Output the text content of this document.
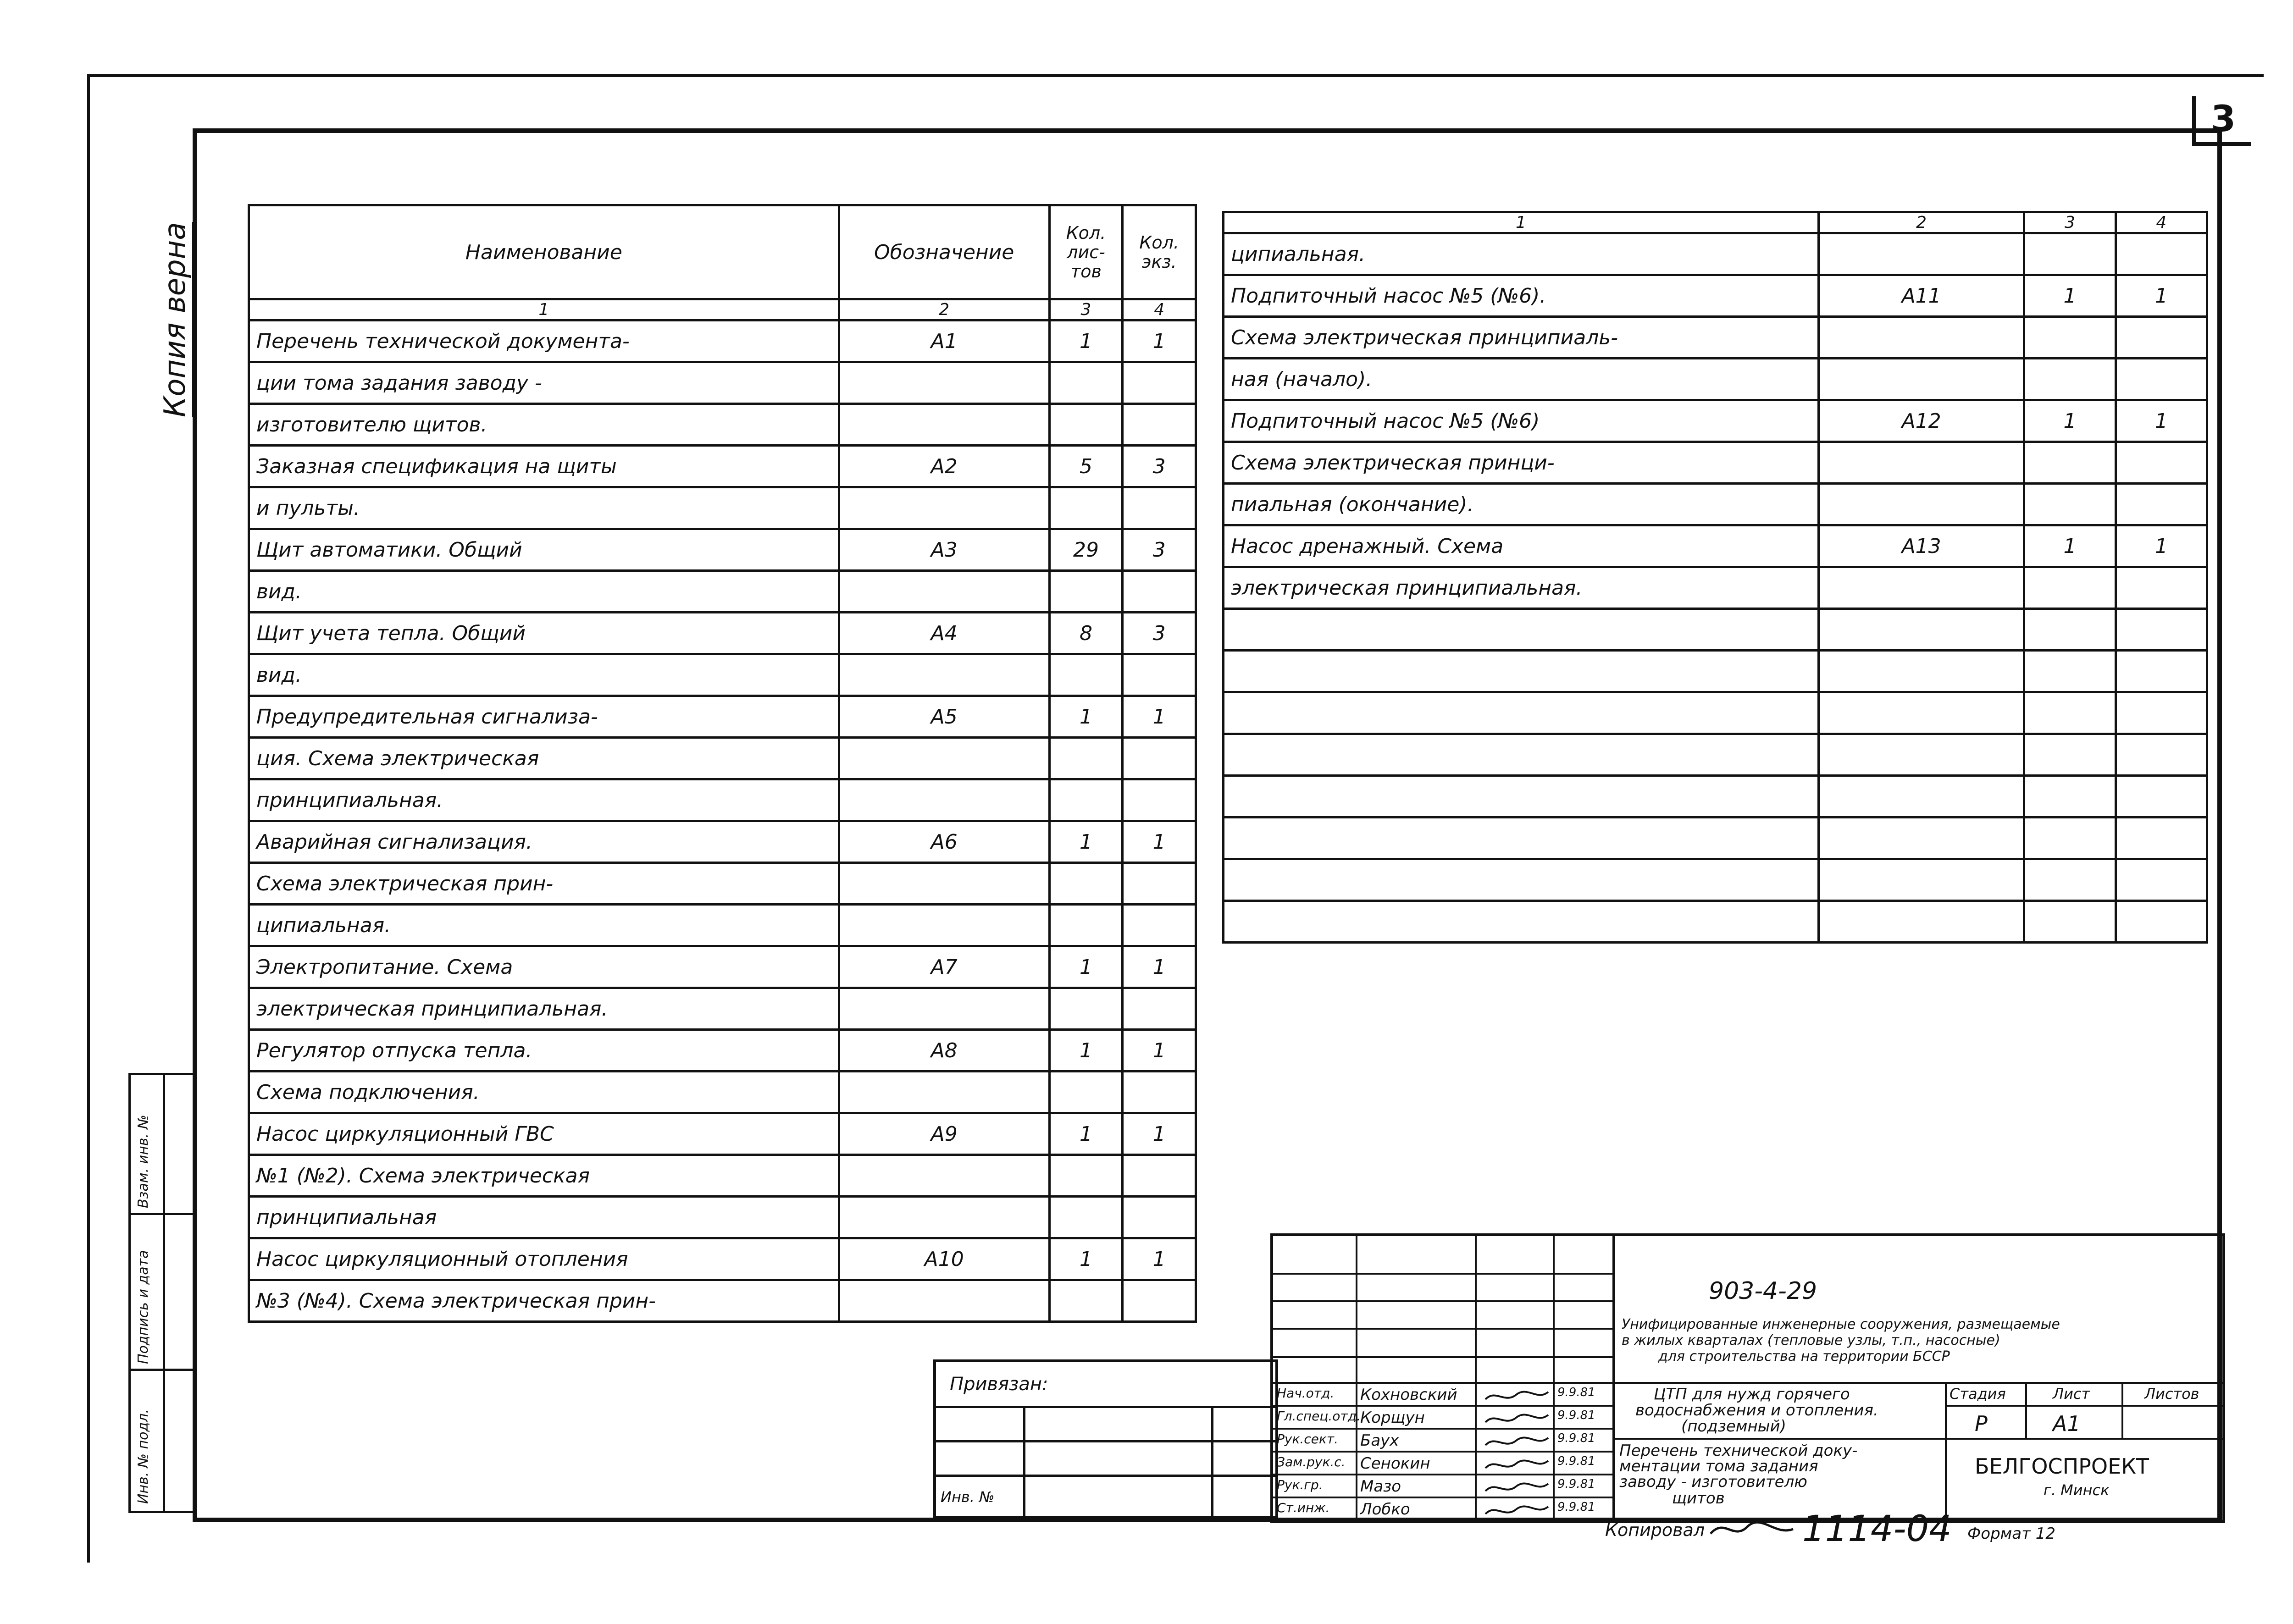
3
Копия верна
Инв. № подл.
Подпись и дата
Взам. инв. №
Наименование	Обозначение	Кол. лис- тов	Кол. экз.
1	2	3	4
Перечень технической документа-	А1	1	1
ции тома задания заводу -			
изготовителю щитов.			
Заказная спецификация на щиты	А2	5	3
и пульты.			
Щит автоматики. Общий	А3	29	3
вид.			
Щит учета тепла. Общий	А4	8	3
вид.			
Предупредительная сигнализа-	А5	1	1
ция. Схема электрическая			
принципиальная.			
Аварийная сигнализация.	А6	1	1
Схема электрическая прин-			
ципиальная.			
Электропитание. Схема	А7	1	1
электрическая принципиальная.			
Регулятор отпуска тепла.	А8	1	1
Схема подключения.			
Насос циркуляционный ГВС	А9	1	1
№1 (№2). Схема электрическая			
принципиальная			
Насос циркуляционный отопления	А10	1	1
№3 (№4). Схема электрическая прин-			
1	2	3	4
ципиальная.			
Подпиточный насос №5 (№6).	А11	1	1
Схема электрическая принципиаль-			
ная (начало).			
Подпиточный насос №5 (№6)	А12	1	1
Схема электрическая принци-			
пиальная (окончание).			
Насос дренажный. Схема	А13	1	1
электрическая принципиальная.			

Привязан:
Инв. №
Нач.отд. Кохновский	9.9.81
Гл.спец.отд. Корщун	9.9.81
Рук.сект. Баух	9.9.81
Зам.рук.с. Сенокин	9.9.81
Рук.гр. Мазо	9.9.81
Ст.инж. Лобко	9.9.81
903-4-29
Унифицированные инженерные сооружения, размещаемые
в жилых кварталах (тепловые узлы, т.п., насосные)
для строительства на территории БССР
ЦТП для нужд горячего
водоснабжения и отопления.
(подземный)
Перечень технической доку-
ментации тома задания
заводу - изготовителю
щитов
Стадия	Лист	Листов
Р	А1
БЕЛГОСПРОЕКТ
г. Минск
Копировал	1114-04 Формат 12
